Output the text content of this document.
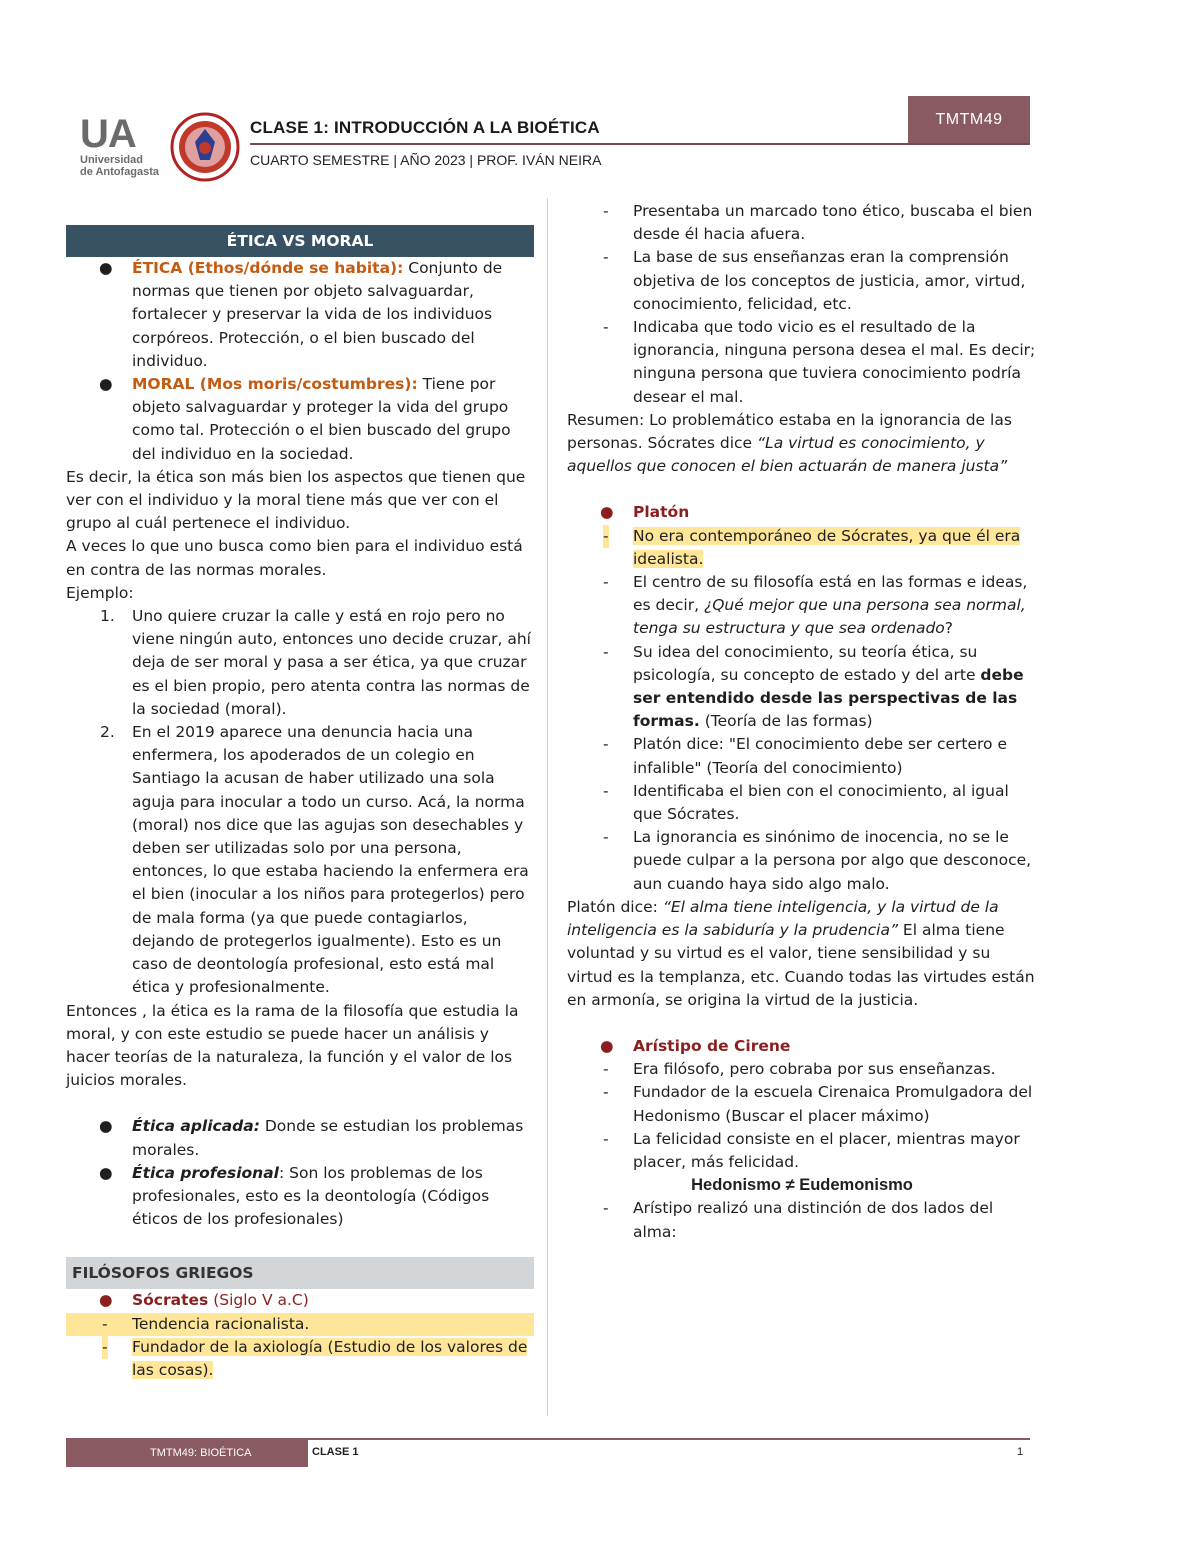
UA
Universidad
de Antofagasta
CLASE 1: INTRODUCCIÓN A LA BIOÉTICA
CUARTO SEMESTRE | AÑO 2023 | PROF. IVÁN NEIRA
TMTM49
ÉTICA VS MORAL
● ÉTICA (Ethos/dónde se habita): Conjunto de normas que tienen por objeto salvaguardar, fortalecer y preservar la vida de los individuos corpóreos. Protección, o el bien buscado del individuo.
● MORAL (Mos moris/costumbres): Tiene por objeto salvaguardar y proteger la vida del grupo como tal. Protección o el bien buscado del grupo del individuo en la sociedad.
Es decir, la ética son más bien los aspectos que tienen que ver con el individuo y la moral tiene más que ver con el grupo al cuál pertenece el individuo.
A veces lo que uno busca como bien para el individuo está en contra de las normas morales.
Ejemplo:
1. Uno quiere cruzar la calle y está en rojo pero no viene ningún auto, entonces uno decide cruzar, ahí deja de ser moral y pasa a ser ética, ya que cruzar es el bien propio, pero atenta contra las normas de la sociedad (moral).
2. En el 2019 aparece una denuncia hacia una enfermera, los apoderados de un colegio en Santiago la acusan de haber utilizado una sola aguja para inocular a todo un curso. Acá, la norma (moral) nos dice que las agujas son desechables y deben ser utilizadas solo por una persona, entonces, lo que estaba haciendo la enfermera era el bien (inocular a los niños para protegerlos) pero de mala forma (ya que puede contagiarlos, dejando de protegerlos igualmente). Esto es un caso de deontología profesional, esto está mal ética y profesionalmente.
Entonces , la ética es la rama de la filosofía que estudia la moral, y con este estudio se puede hacer un análisis y hacer teorías de la naturaleza, la función y el valor de los juicios morales.
● Ética aplicada: Donde se estudian los problemas morales.
● Ética profesional: Son los problemas de los profesionales, esto es la deontología (Códigos éticos de los profesionales)
FILÓSOFOS GRIEGOS
● Sócrates (Siglo V a.C)
- Tendencia racionalista.
- Fundador de la axiología (Estudio de los valores de las cosas).
- Presentaba un marcado tono ético, buscaba el bien desde él hacia afuera.
- La base de sus enseñanzas eran la comprensión objetiva de los conceptos de justicia, amor, virtud, conocimiento, felicidad, etc.
- Indicaba que todo vicio es el resultado de la ignorancia, ninguna persona desea el mal. Es decir; ninguna persona que tuviera conocimiento podría desear el mal.
Resumen: Lo problemático estaba en la ignorancia de las personas. Sócrates dice “La virtud es conocimiento, y aquellos que conocen el bien actuarán de manera justa”
● Platón
- No era contemporáneo de Sócrates, ya que él era idealista.
- El centro de su filosofía está en las formas e ideas, es decir, ¿Qué mejor que una persona sea normal, tenga su estructura y que sea ordenado?
- Su idea del conocimiento, su teoría ética, su psicología, su concepto de estado y del arte debe ser entendido desde las perspectivas de las formas. (Teoría de las formas)
- Platón dice: "El conocimiento debe ser certero e infalible" (Teoría del conocimiento)
- Identificaba el bien con el conocimiento, al igual que Sócrates.
- La ignorancia es sinónimo de inocencia, no se le puede culpar a la persona por algo que desconoce, aun cuando haya sido algo malo.
Platón dice: “El alma tiene inteligencia, y la virtud de la inteligencia es la sabiduría y la prudencia” El alma tiene voluntad y su virtud es el valor, tiene sensibilidad y su virtud es la templanza, etc. Cuando todas las virtudes están en armonía, se origina la virtud de la justicia.
● Arístipo de Cirene
- Era filósofo, pero cobraba por sus enseñanzas.
- Fundador de la escuela Cirenaica Promulgadora del Hedonismo (Buscar el placer máximo)
- La felicidad consiste en el placer, mientras mayor placer, más felicidad.
Hedonismo ≠ Eudemonismo
- Arístipo realizó una distinción de dos lados del alma:
TMTM49: BIOÉTICA	CLASE 1	1
